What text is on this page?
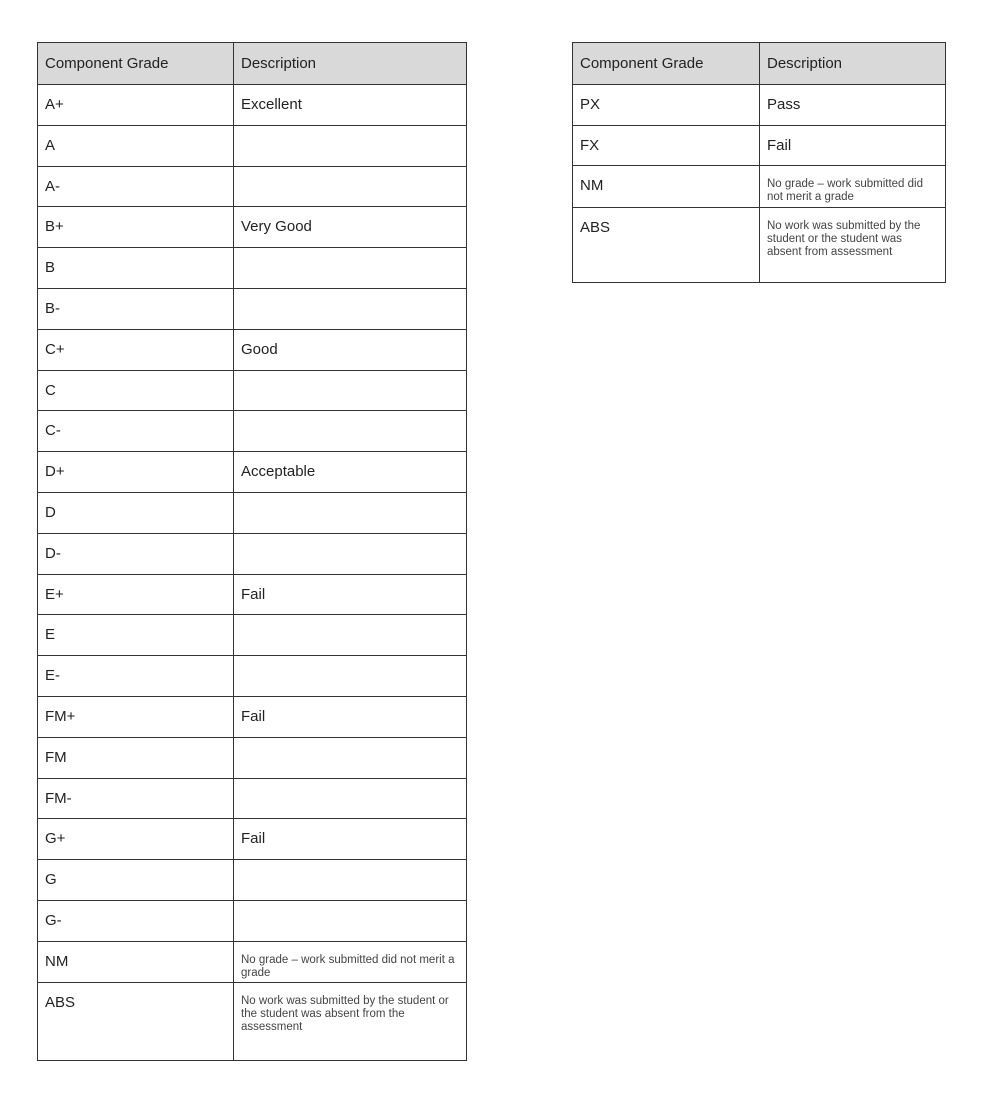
Component Grade	Description
A+	Excellent
A	
A-	
B+	Very Good
B	
B-	
C+	Good
C	
C-	
D+	Acceptable
D	
D-	
E+	Fail
E	
E-	
FM+	Fail
FM	
FM-	
G+	Fail
G	
G-	
NM	No grade – work submitted did not merit a grade
ABS	No work was submitted by the student or the student was absent from the assessment
Component Grade	Description
PX	Pass
FX	Fail
NM	No grade – work submitted did not merit a grade
ABS	No work was submitted by the student or the student was absent from assessment
